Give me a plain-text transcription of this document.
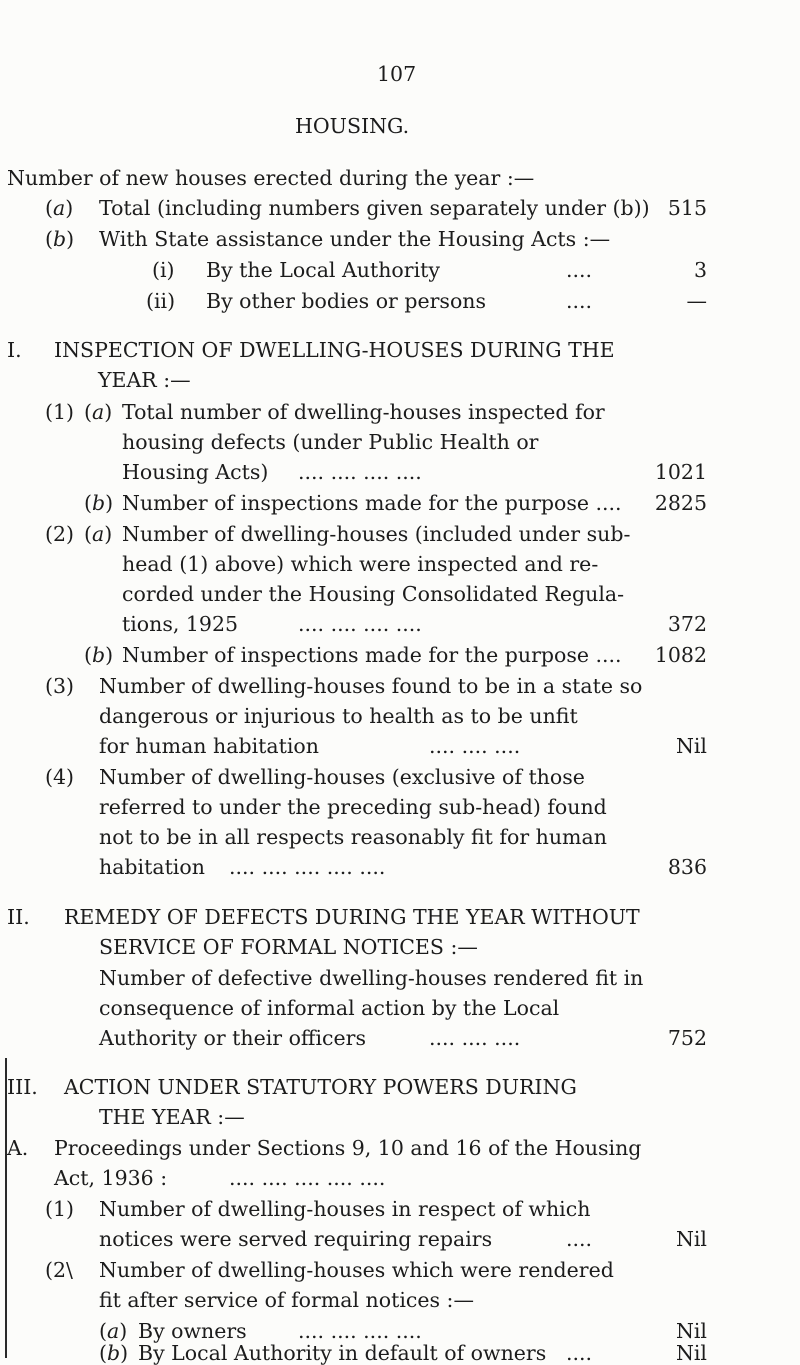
107
HOUSING.
Number of new houses erected during the year :—
(a) Total (including numbers given separately under (b)) 515
(b) With State assistance under the Housing Acts :—
(i) By the Local Authority	....	3
(ii) By other bodies or persons	....	—
I. INSPECTION OF DWELLING-HOUSES DURING THE
YEAR :—
(1) (a) Total number of dwelling-houses inspected for
housing defects (under Public Health or
Housing Acts) .... .... .... ....	1021
(b) Number of inspections made for the purpose .... 2825
(2) (a) Number of dwelling-houses (included under sub-
head (1) above) which were inspected and re-
corded under the Housing Consolidated Regula-
tions, 1925	.... .... .... ....	372
(b) Number of inspections made for the purpose .... 1082
(3) Number of dwelling-houses found to be in a state so
dangerous or injurious to health as to be unfit
for human habitation	.... .... ....	Nil
(4) Number of dwelling-houses (exclusive of those
referred to under the preceding sub-head) found
not to be in all respects reasonably fit for human
habitation .... .... .... .... ....	836
II. REMEDY OF DEFECTS DURING THE YEAR WITHOUT
SERVICE OF FORMAL NOTICES :—
Number of defective dwelling-houses rendered fit in
consequence of informal action by the Local
Authority or their officers	.... .... ....	752
III. ACTION UNDER STATUTORY POWERS DURING
THE YEAR :—
A. Proceedings under Sections 9, 10 and 16 of the Housing
Act, 1936 :	.... .... .... .... ....
(1) Number of dwelling-houses in respect of which
notices were served requiring repairs	....	Nil
(2\ Number of dwelling-houses which were rendered
fit after service of formal notices :—
(a) By owners	.... .... .... ....	Nil
(b) By Local Authority in default of owners ....	Nil
